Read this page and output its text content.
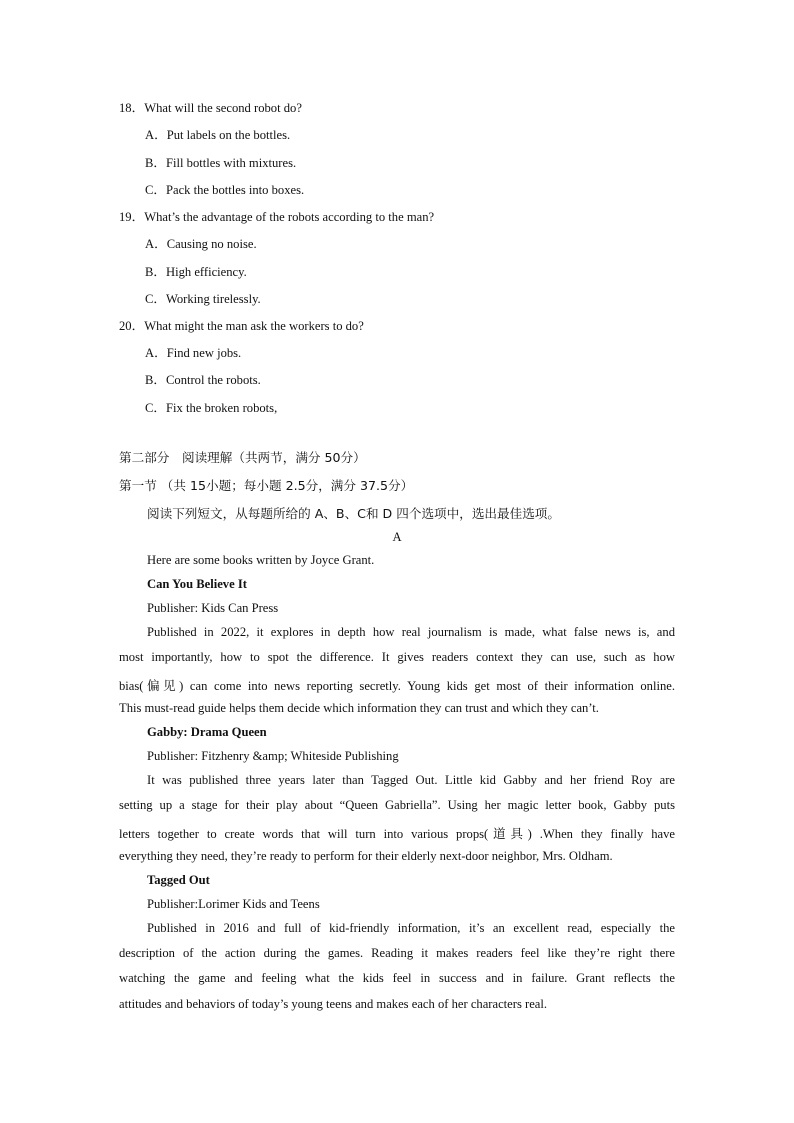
18．What will the second robot do?
A．Put labels on the bottles.
B．Fill bottles with mixtures.
C．Pack the bottles into boxes.
19．What’s the advantage of the robots according to the man?
A．Causing no noise.
B．High efficiency.
C．Working tirelessly.
20．What might the man ask the workers to do?
A．Find new jobs.
B．Control the robots.
C．Fix the broken robots,
第二部分　阅读理解（共两节，满分 50分）
第一节 （共 15小题；每小题 2.5分，满分 37.5分）
阅读下列短文，从每题所给的 A、B、C和 D 四个选项中，选出最佳选项。
A
Here are some books written by Joyce Grant.
Can You Believe It
Publisher: Kids Can Press
Published in 2022, it explores in depth how real journalism is made, what false news is, and
most importantly, how to spot the difference. It gives readers context they can use, such as how
bias(偏见) can come into news reporting secretly. Young kids get most of their information online.
This must-read guide helps them decide which information they can trust and which they can’t.
Gabby: Drama Queen
Publisher: Fitzhenry &amp; Whiteside Publishing
It was published three years later than Tagged Out. Little kid Gabby and her friend Roy are
setting up a stage for their play about “Queen Gabriella”. Using her magic letter book, Gabby puts
letters together to create words that will turn into various props(道具) .When they finally have
everything they need, they’re ready to perform for their elderly next-door neighbor, Mrs. Oldham.
Tagged Out
Publisher:Lorimer Kids and Teens
Published in 2016 and full of kid-friendly information, it’s an excellent read, especially the
description of the action during the games. Reading it makes readers feel like they’re right there
watching the game and feeling what the kids feel in success and in failure. Grant reflects the
attitudes and behaviors of today’s young teens and makes each of her characters real.
